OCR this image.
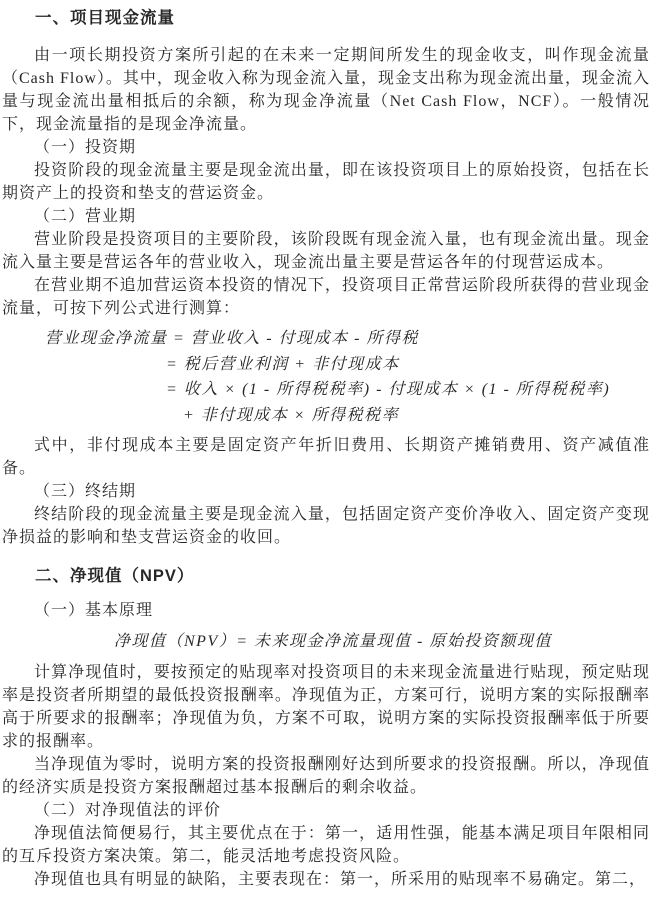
一、项目现金流量

由一项长期投资方案所引起的在未来一定期间所发生的现金收支，叫作现金流量（Cash Flow）。其中，现金收入称为现金流入量，现金支出称为现金流出量，现金流入量与现金流出量相抵后的余额，称为现金净流量（Net Cash Flow，NCF）。一般情况下，现金流量指的是现金净流量。

（一）投资期

投资阶段的现金流量主要是现金流出量，即在该投资项目上的原始投资，包括在长期资产上的投资和垫支的营运资金。

（二）营业期

营业阶段是投资项目的主要阶段，该阶段既有现金流入量，也有现金流出量。现金流入量主要是营运各年的营业收入，现金流出量主要是营运各年的付现营运成本。

在营业期不追加营运资本投资的情况下，投资项目正常营运阶段所获得的营业现金流量，可按下列公式进行测算：

营业现金净流量 = 营业收入 - 付现成本 - 所得税

= 税后营业利润 + 非付现成本

= 收入 × (1 - 所得税税率) - 付现成本 × (1 - 所得税税率)

+ 非付现成本 × 所得税税率

式中，非付现成本主要是固定资产年折旧费用、长期资产摊销费用、资产减值准备。

（三）终结期

终结阶段的现金流量主要是现金流入量，包括固定资产变价净收入、固定资产变现净损益的影响和垫支营运资金的收回。

二、净现值（NPV）

（一）基本原理

净现值（NPV）= 未来现金净流量现值 - 原始投资额现值

计算净现值时，要按预定的贴现率对投资项目的未来现金流量进行贴现，预定贴现率是投资者所期望的最低投资报酬率。净现值为正，方案可行，说明方案的实际报酬率高于所要求的报酬率；净现值为负，方案不可取，说明方案的实际投资报酬率低于所要求的报酬率。

当净现值为零时，说明方案的投资报酬刚好达到所要求的投资报酬。所以，净现值的经济实质是投资方案报酬超过基本报酬后的剩余收益。

（二）对净现值法的评价

净现值法简便易行，其主要优点在于：第一，适用性强，能基本满足项目年限相同的互斥投资方案决策。第二，能灵活地考虑投资风险。

净现值也具有明显的缺陷，主要表现在：第一，所采用的贴现率不易确定。第二，
